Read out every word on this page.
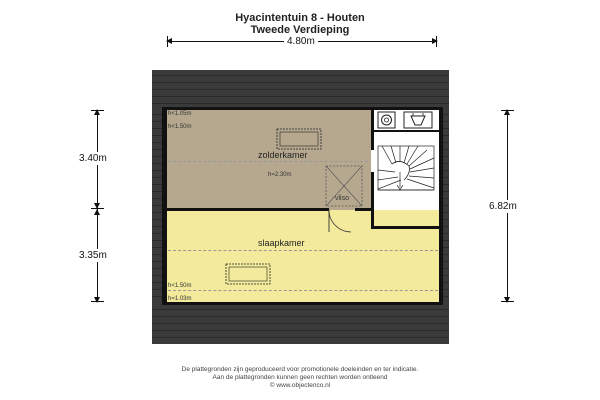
Hyacintentuin 8 - Houten
Tweede Verdieping
4.80m
3.40m
3.35m
6.82m
zolderkamer
slaapkamer
vliso
h<1.05m
h<1.50m
h=2.30m
h<1.50m
h=1.03m
De plattegronden zijn geproduceerd voor promotionele doeleinden en ter indicatie.
Aan de plattegronden kunnen geen rechten worden ontleend
© www.objectenco.nl
